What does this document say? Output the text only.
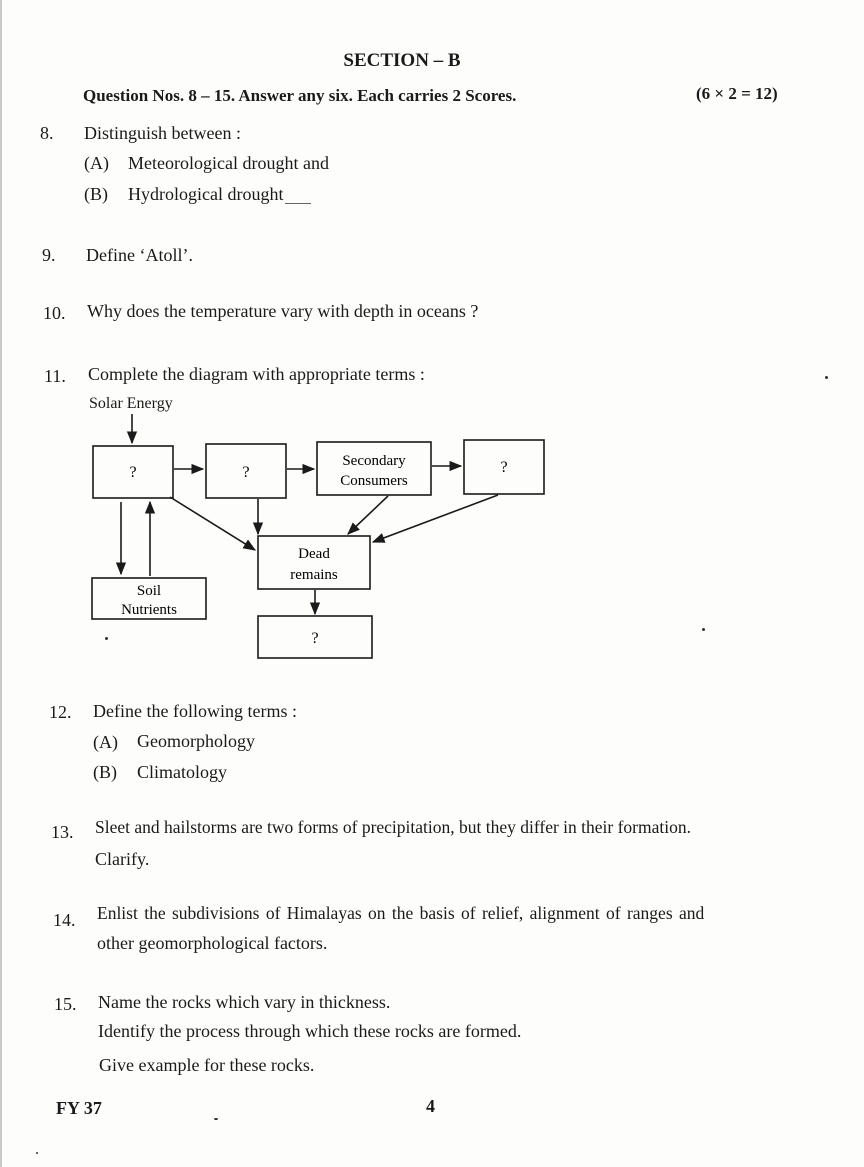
SECTION – B
Question Nos. 8 – 15. Answer any six. Each carries 2 Scores.	(6 × 2 = 12)
8. Distinguish between :
(A) Meteorological drought and
(B) Hydrological drought
9. Define ‘Atoll’.
10. Why does the temperature vary with depth in oceans ?
11. Complete the diagram with appropriate terms :
Solar Energy
?	?
Secondary
Consumers
?
Dead
remains
Soil
Nutrients
?
12. Define the following terms :
(A) Geomorphology
(B) Climatology
13. Sleet and hailstorms are two forms of precipitation, but they differ in their formation.
Clarify.
14. Enlist the subdivisions of Himalayas on the basis of relief, alignment of ranges and
other geomorphological factors.
15. Name the rocks which vary in thickness.
Identify the process through which these rocks are formed.
Give example for these rocks.
FY 37	4
